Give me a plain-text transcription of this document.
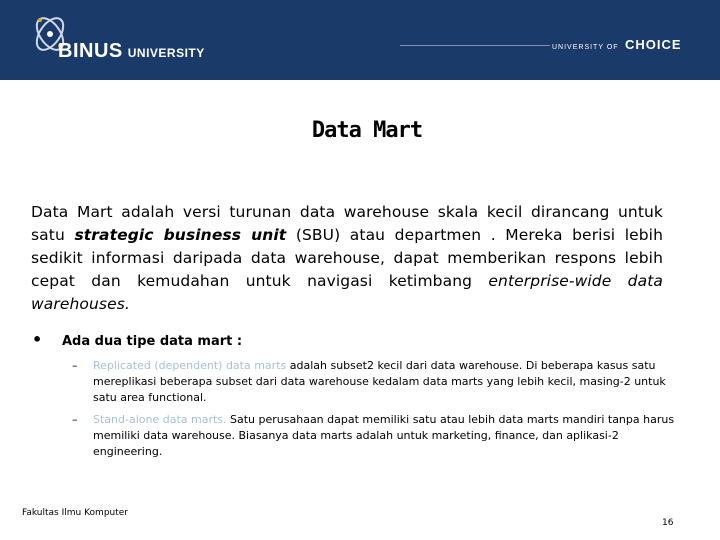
BINUS UNIVERSITY	UNIVERSITY OF CHOICE
Data Mart
Data Mart adalah versi turunan data warehouse skala kecil dirancang untuk satu strategic business unit (SBU) atau departmen . Mereka berisi lebih sedikit informasi daripada data warehouse, dapat memberikan respons lebih cepat dan kemudahan untuk navigasi ketimbang enterprise-wide data warehouses.
• Ada dua tipe data mart :
– Replicated (dependent) data marts adalah subset2 kecil dari data warehouse. Di beberapa kasus satu mereplikasi beberapa subset dari data warehouse kedalam data marts yang lebih kecil, masing-2 untuk satu area functional.
– Stand-alone data marts. Satu perusahaan dapat memiliki satu atau lebih data marts mandiri tanpa harus memiliki data warehouse. Biasanya data marts adalah untuk marketing, finance, dan aplikasi-2 engineering.
Fakultas Ilmu Komputer
16
